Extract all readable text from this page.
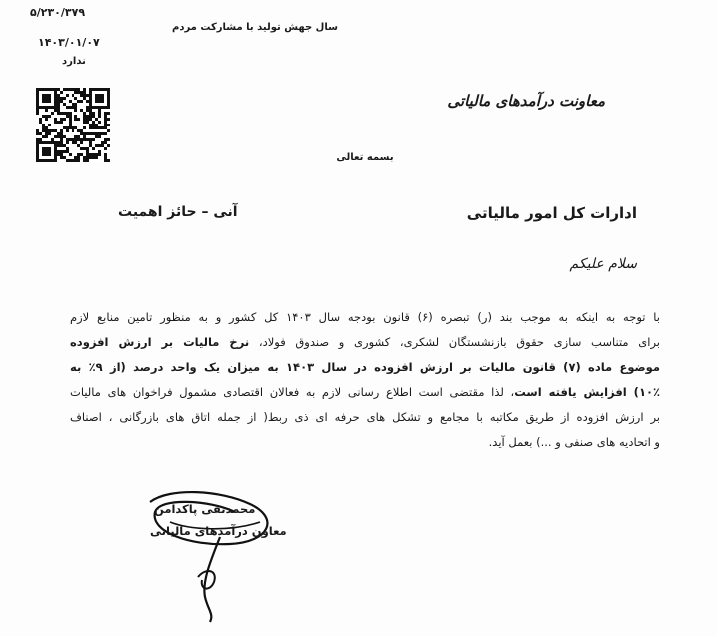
۵/۲۳۰/۳۷۹
۱۴۰۳/۰۱/۰۷
ندارد
سال جهش تولید با مشارکت مردم
معاونت درآمدهای مالیاتی
بسمه تعالی
ادارات کل امور مالیاتی
آنی – حائز اهمیت
سلام علیکم
با توجه به اینکه به موجب بند (ر) تبصره (۶) قانون بودجه سال ۱۴۰۳ کل کشور و به منظور تامین منابع لازم
برای متناسب سازی حقوق بازنشستگان لشکری، کشوری و صندوق فولاد، نرخ مالیات بر ارزش افزوده
موضوع ماده (۷) قانون مالیات بر ارزش افزوده در سال ۱۴۰۳ به میزان یک واحد درصد (از ۹٪ به
۱۰٪) افزایش یافته است، لذا مقتضی است اطلاع رسانی لازم به فعالان اقتصادی مشمول فراخوان های مالیات
بر ارزش افزوده از طریق مکاتبه با مجامع و تشکل های حرفه ای ذی ربط( از جمله اتاق های بازرگانی ، اصناف
و اتحادیه های صنفی و ...) بعمل آید.
محمدتقی پاکدامن
معاون درآمدهای مالیاتی
